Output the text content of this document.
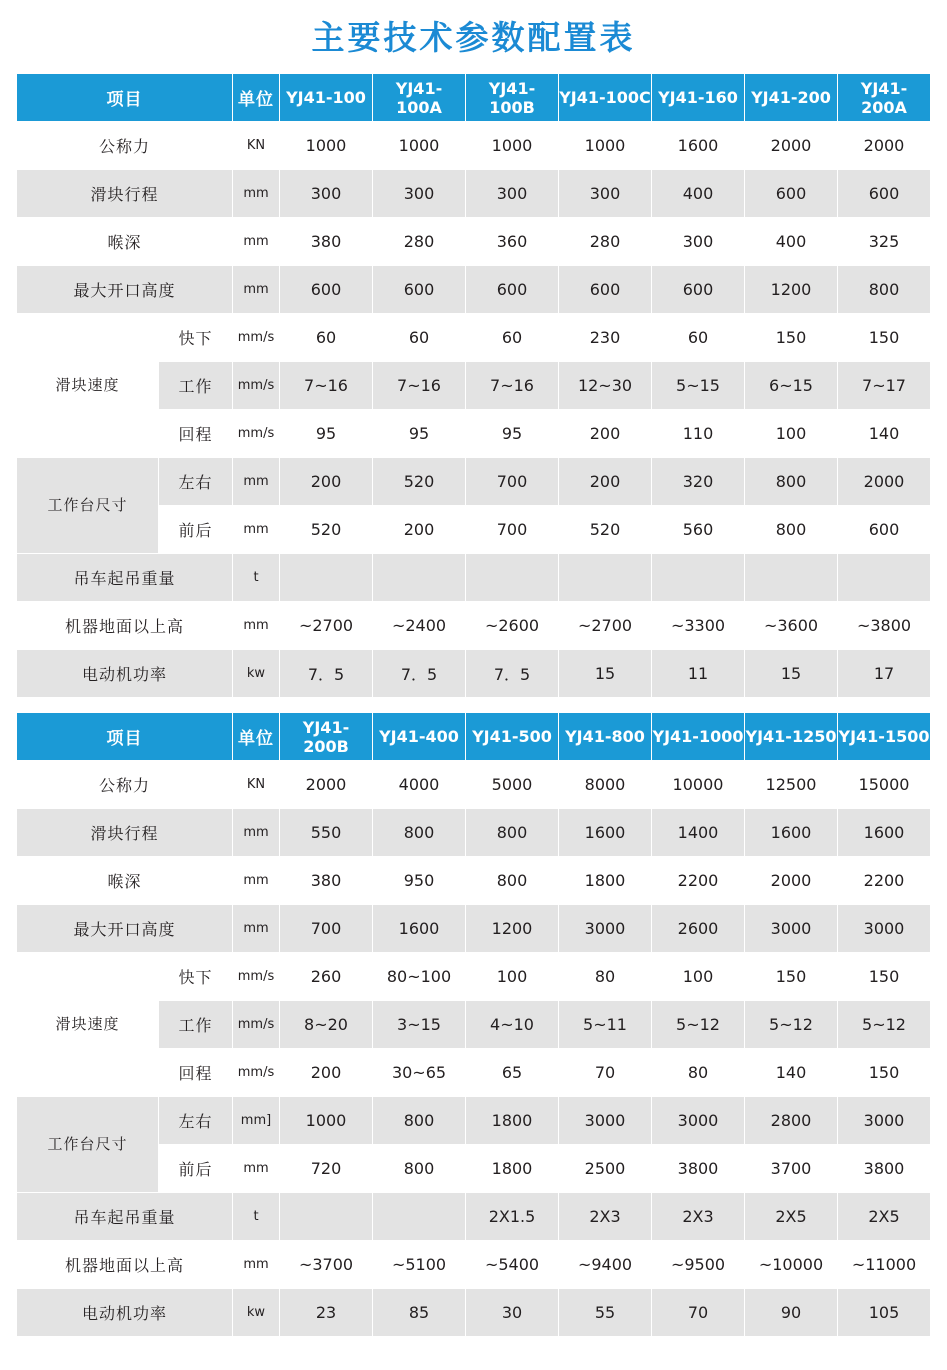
主要技术参数配置表
项目		单位	YJ41-100	YJ41-100A	YJ41-100B	YJ41-100C	YJ41-160	YJ41-200	YJ41-200A
公称力		KN	1000	1000	1000	1000	1600	2000	2000
滑块行程		mm	300	300	300	300	400	600	600
喉深		mm	380	280	360	280	300	400	325
最大开口高度		mm	600	600	600	600	600	1200	800
滑块速度	快下	mm/s	60	60	60	230	60	150	150
	工作	mm/s	7~16	7~16	7~16	12~30	5~15	6~15	7~17
	回程	mm/s	95	95	95	200	110	100	140
工作台尺寸	左右	mm	200	520	700	200	320	800	2000
	前后	mm	520	200	700	520	560	800	600
吊车起吊重量		t							
机器地面以上高		mm	~2700	~2400	~2600	~2700	~3300	~3600	~3800
电动机功率		kw	7．5	7．5	7．5	15	11	15	17
项目		单位	YJ41-200B	YJ41-400	YJ41-500	YJ41-800	YJ41-1000	YJ41-1250	YJ41-1500
公称力		KN	2000	4000	5000	8000	10000	12500	15000
滑块行程		mm	550	800	800	1600	1400	1600	1600
喉深		mm	380	950	800	1800	2200	2000	2200
最大开口高度		mm	700	1600	1200	3000	2600	3000	3000
滑块速度	快下	mm/s	260	80~100	100	80	100	150	150
	工作	mm/s	8~20	3~15	4~10	5~11	5~12	5~12	5~12
	回程	mm/s	200	30~65	65	70	80	140	150
工作台尺寸	左右	mm]	1000	800	1800	3000	3000	2800	3000
	前后	mm	720	800	1800	2500	3800	3700	3800
吊车起吊重量		t			2X1.5	2X3	2X3	2X5	2X5
机器地面以上高		mm	~3700	~5100	~5400	~9400	~9500	~10000	~11000
电动机功率		kw	23	85	30	55	70	90	105
